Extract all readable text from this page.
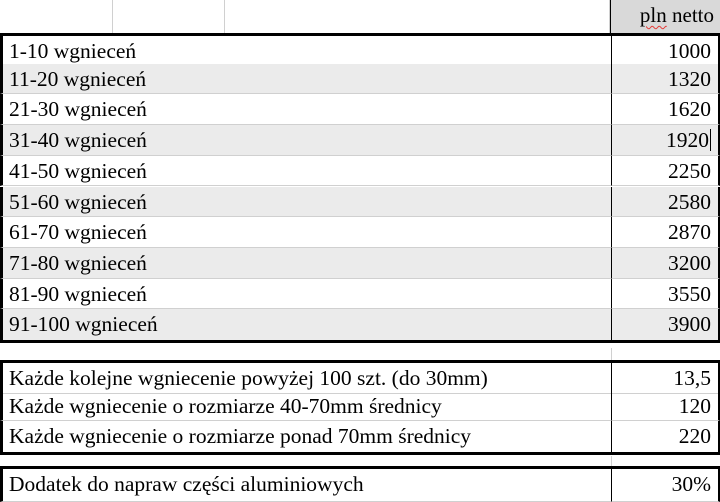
pln netto
1-10 wgnieceń	1000
11-20 wgnieceń	1320
21-30 wgnieceń	1620
31-40 wgnieceń	1920
41-50 wgnieceń	2250
51-60 wgnieceń	2580
61-70 wgnieceń	2870
71-80 wgnieceń	3200
81-90 wgnieceń	3550
91-100 wgnieceń	3900
Każde kolejne wgniecenie powyżej 100 szt. (do 30mm)	13,5
Każde wgniecenie o rozmiarze 40-70mm średnicy	120
Każde wgniecenie o rozmiarze ponad 70mm średnicy	220
Dodatek do napraw części aluminiowych	30%
